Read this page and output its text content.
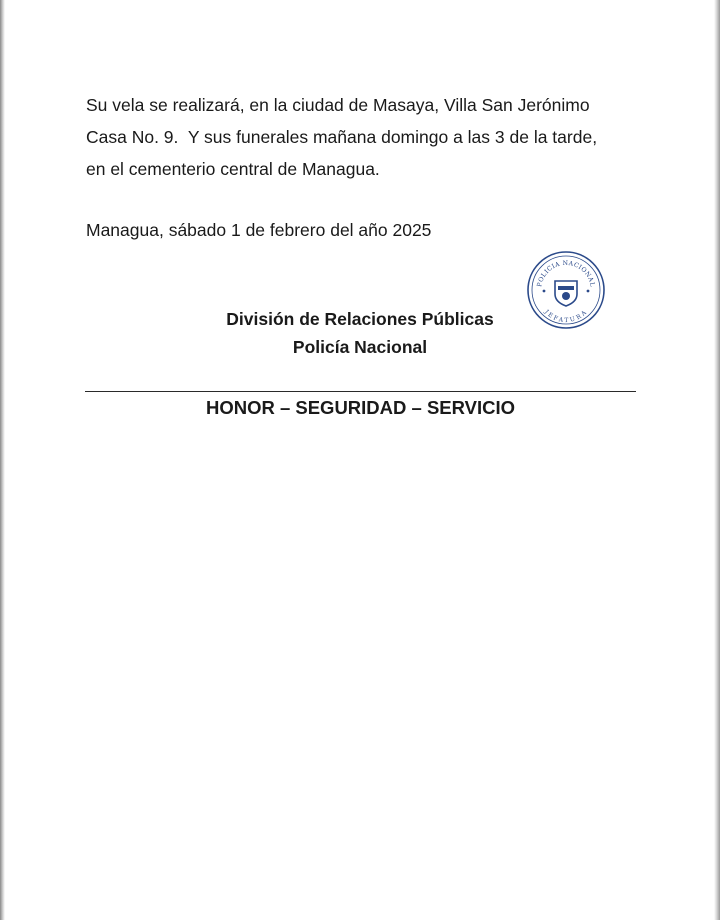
Su vela se realizará, en la ciudad de Masaya, Villa San Jerónimo
Casa No. 9.  Y sus funerales mañana domingo a las 3 de la tarde,
en el cementerio central de Managua.

Managua, sábado 1 de febrero del año 2025

POLICIA NACIONAL
JEFATURA
División de Relaciones Públicas
Policía Nacional
HONOR – SEGURIDAD – SERVICIO
